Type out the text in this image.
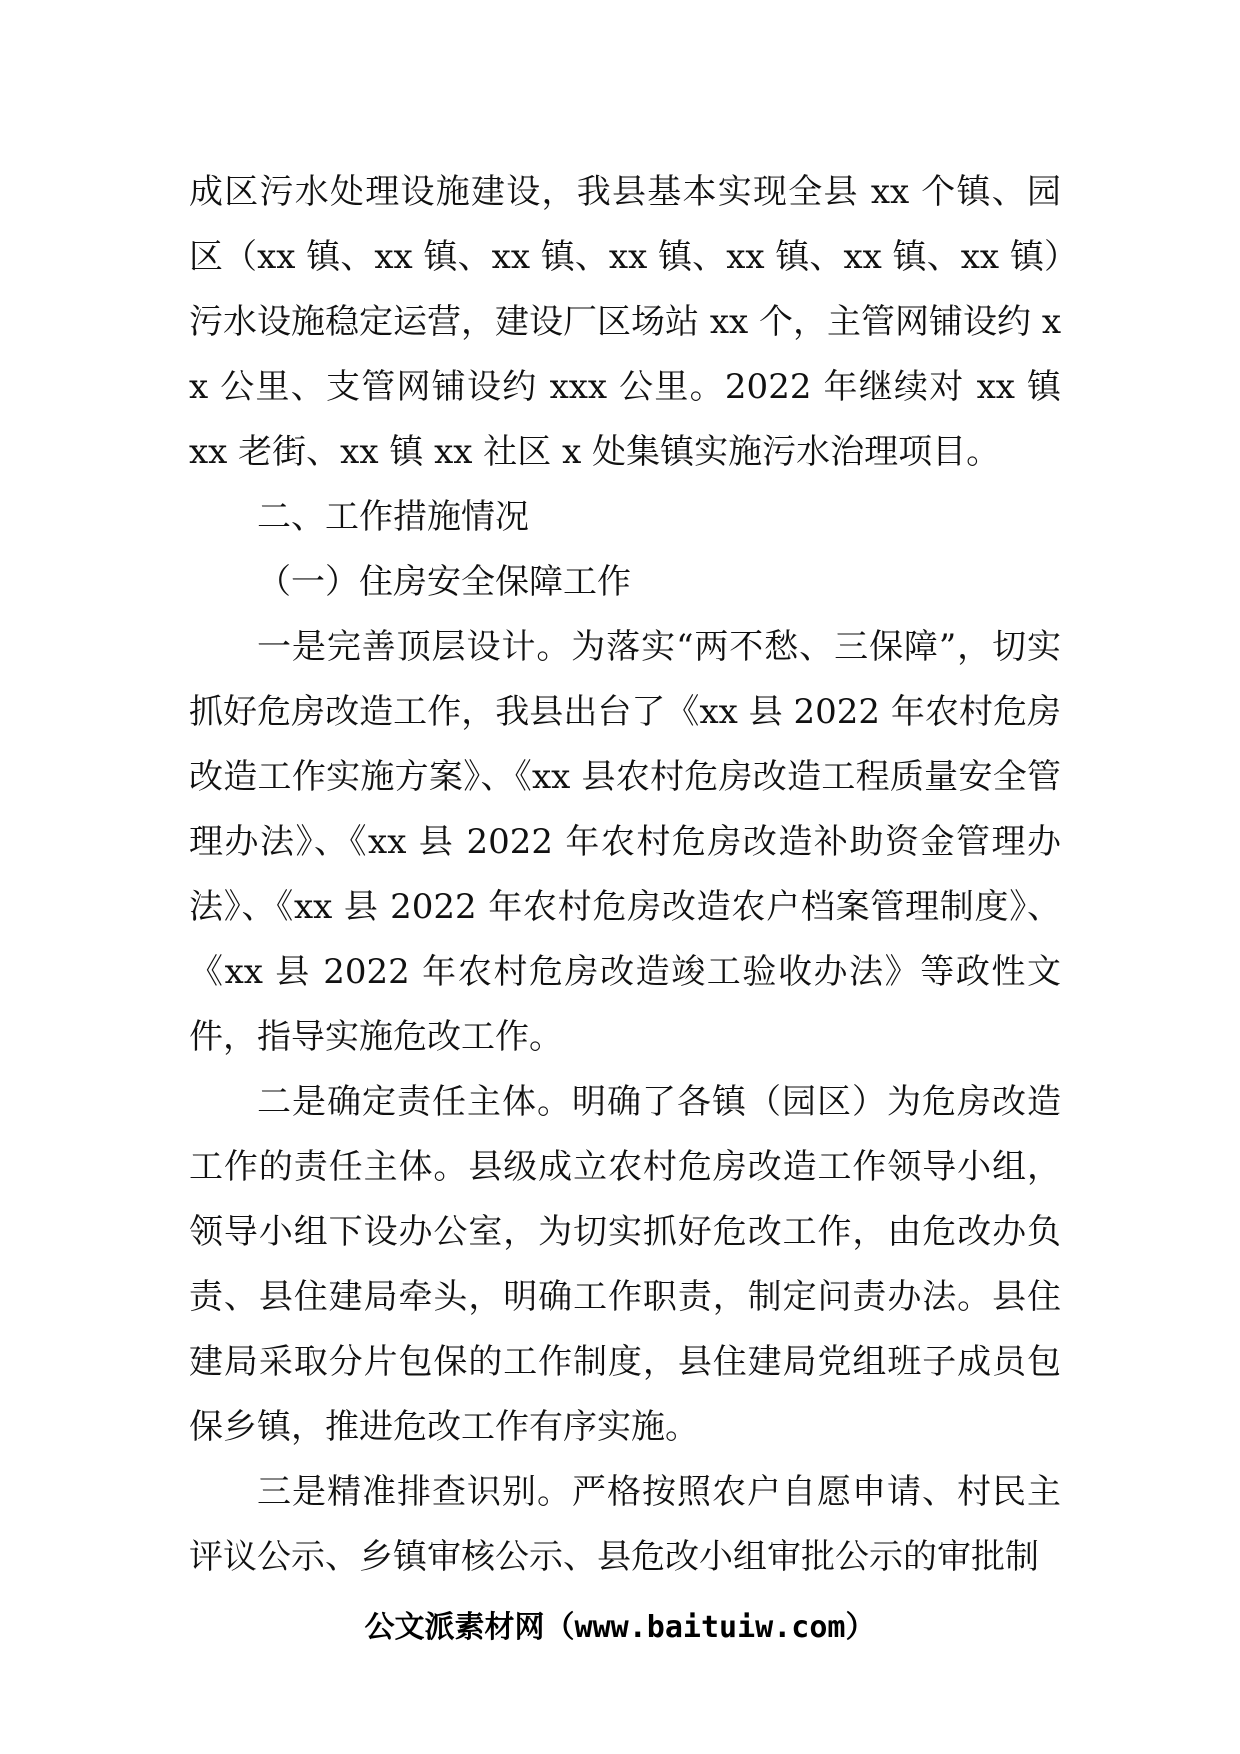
成区污水处理设施建设，我县基本实现全县 xx 个镇、园区（xx 镇、xx 镇、xx 镇、xx 镇、xx 镇、xx 镇、xx 镇）污水设施稳定运营，建设厂区场站 xx 个，主管网铺设约 xx 公里、支管网铺设约 xxx 公里。2022 年继续对 xx 镇 xx 老街、xx 镇 xx 社区 x 处集镇实施污水治理项目。

二、工作措施情况

（一）住房安全保障工作

一是完善顶层设计。为落实“两不愁、三保障”，切实抓好危房改造工作，我县出台了《xx 县 2022 年农村危房改造工作实施方案》、《xx 县农村危房改造工程质量安全管理办法》、《xx 县 2022 年农村危房改造补助资金管理办法》、《xx 县 2022 年农村危房改造农户档案管理制度》、《xx 县 2022 年农村危房改造竣工验收办法》等政性文件，指导实施危改工作。

二是确定责任主体。明确了各镇（园区）为危房改造工作的责任主体。县级成立农村危房改造工作领导小组，领导小组下设办公室，为切实抓好危改工作，由危改办负责、县住建局牵头，明确工作职责，制定问责办法。县住建局采取分片包保的工作制度，县住建局党组班子成员包保乡镇，推进危改工作有序实施。

三是精准排查识别。严格按照农户自愿申请、村民主评议公示、乡镇审核公示、县危改小组审批公示的审批制

公文派素材网（www.baituiw.com）
